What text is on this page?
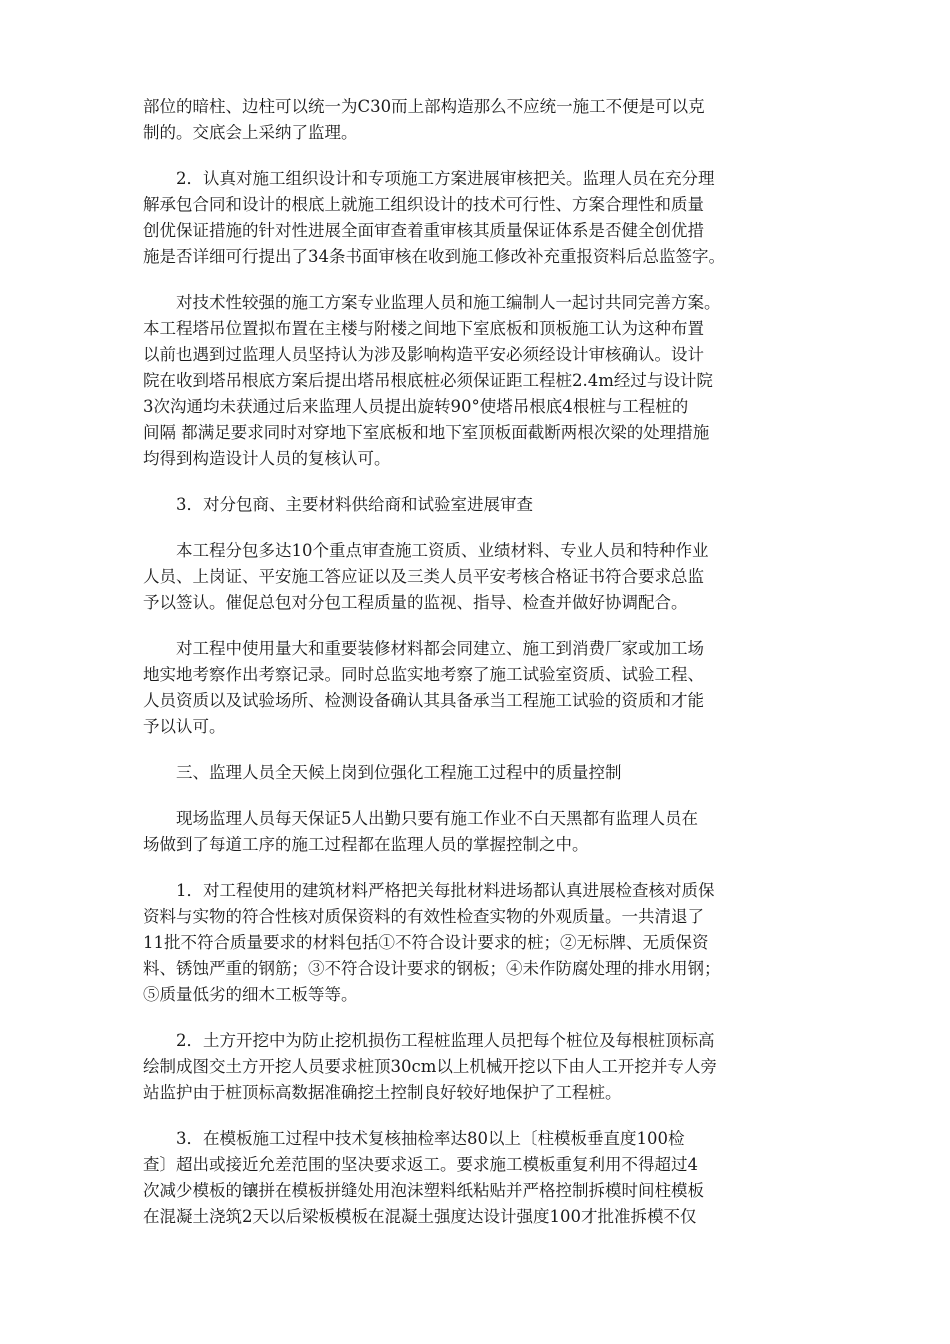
部位的暗柱、边柱可以统一为C30而上部构造那么不应统一施工不便是可以克
制的。交底会上采纳了监理。
　　2．认真对施工组织设计和专项施工方案进展审核把关。监理人员在充分理
解承包合同和设计的根底上就施工组织设计的技术可行性、方案合理性和质量
创优保证措施的针对性进展全面审查着重审核其质量保证体系是否健全创优措
施是否详细可行提出了34条书面审核在收到施工修改补充重报资料后总监签字。
　　对技术性较强的施工方案专业监理人员和施工编制人一起讨共同完善方案。
本工程塔吊位置拟布置在主楼与附楼之间地下室底板和顶板施工认为这种布置
以前也遇到过监理人员坚持认为涉及影响构造平安必须经设计审核确认。设计
院在收到塔吊根底方案后提出塔吊根底桩必须保证距工程桩2.4m经过与设计院
3次沟通均未获通过后来监理人员提出旋转90°使塔吊根底4根桩与工程桩的
间隔 都满足要求同时对穿地下室底板和地下室顶板面截断两根次梁的处理措施
均得到构造设计人员的复核认可。
　　3．对分包商、主要材料供给商和试验室进展审查
　　本工程分包多达10个重点审查施工资质、业绩材料、专业人员和特种作业
人员、上岗证、平安施工答应证以及三类人员平安考核合格证书符合要求总监
予以签认。催促总包对分包工程质量的监视、指导、检查并做好协调配合。
　　对工程中使用量大和重要装修材料都会同建立、施工到消费厂家或加工场
地实地考察作出考察记录。同时总监实地考察了施工试验室资质、试验工程、
人员资质以及试验场所、检测设备确认其具备承当工程施工试验的资质和才能
予以认可。
　　三、监理人员全天候上岗到位强化工程施工过程中的质量控制
　　现场监理人员每天保证5人出勤只要有施工作业不白天黑都有监理人员在
场做到了每道工序的施工过程都在监理人员的掌握控制之中。
　　1．对工程使用的建筑材料严格把关每批材料进场都认真进展检查核对质保
资料与实物的符合性核对质保资料的有效性检查实物的外观质量。一共清退了
11批不符合质量要求的材料包括①不符合设计要求的桩；②无标牌、无质保资
料、锈蚀严重的钢筋；③不符合设计要求的钢板；④未作防腐处理的排水用钢；
⑤质量低劣的细木工板等等。
　　2．土方开挖中为防止挖机损伤工程桩监理人员把每个桩位及每根桩顶标高
绘制成图交土方开挖人员要求桩顶30cm以上机械开挖以下由人工开挖并专人旁
站监护由于桩顶标高数据准确挖土控制良好较好地保护了工程桩。
　　3．在模板施工过程中技术复核抽检率达80以上〔柱模板垂直度100检
查〕超出或接近允差范围的坚决要求返工。要求施工模板重复利用不得超过4
次减少模板的镶拼在模板拼缝处用泡沫塑料纸粘贴并严格控制拆模时间柱模板
在混凝土浇筑2天以后梁板模板在混凝土强度达设计强度100才批准拆模不仅
